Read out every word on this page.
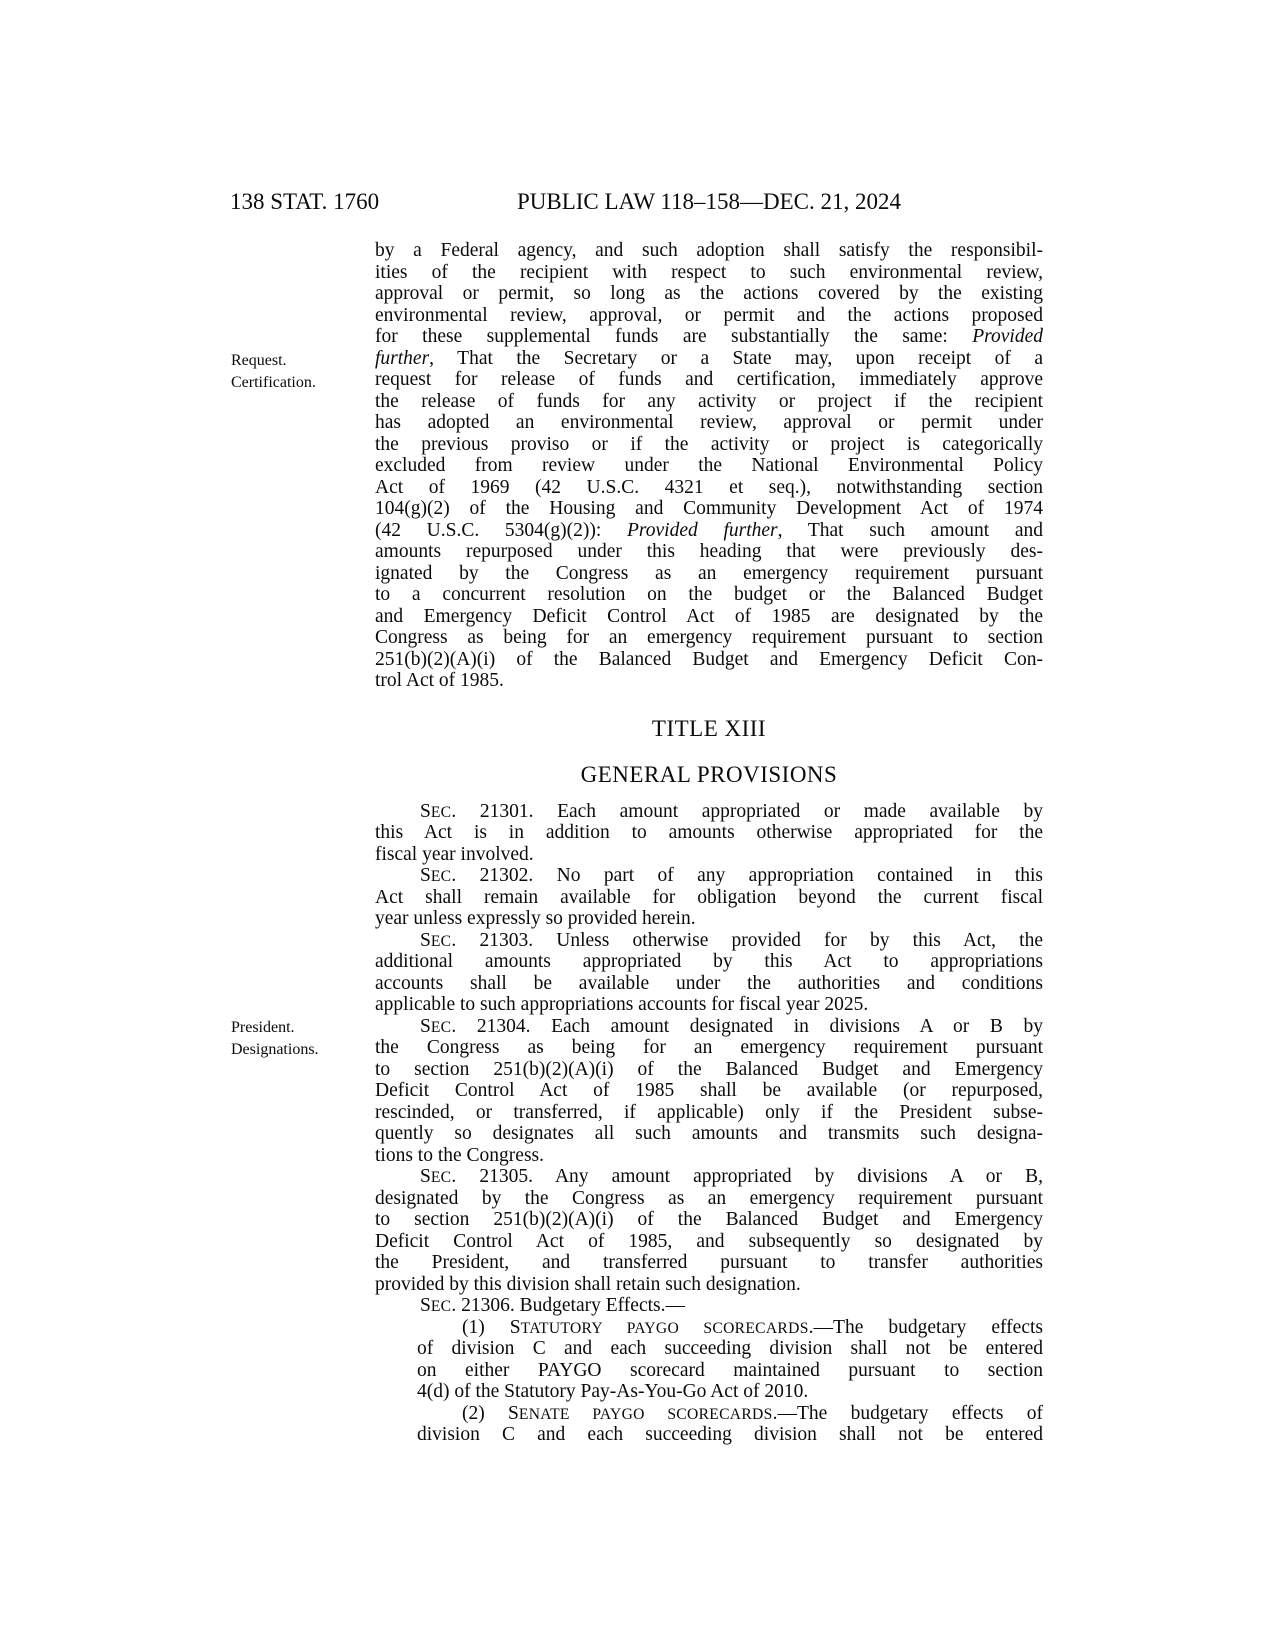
138 STAT. 1760	PUBLIC LAW 118–158—DEC. 21, 2024
Request.
Certification.
President.
Designations.
by a Federal agency, and such adoption shall satisfy the responsibil-
ities of the recipient with respect to such environmental review,
approval or permit, so long as the actions covered by the existing
environmental review, approval, or permit and the actions proposed
for these supplemental funds are substantially the same: Provided
further, That the Secretary or a State may, upon receipt of a
request for release of funds and certification, immediately approve
the release of funds for any activity or project if the recipient
has adopted an environmental review, approval or permit under
the previous proviso or if the activity or project is categorically
excluded from review under the National Environmental Policy
Act of 1969 (42 U.S.C. 4321 et seq.), notwithstanding section
104(g)(2) of the Housing and Community Development Act of 1974
(42 U.S.C. 5304(g)(2)): Provided further, That such amount and
amounts repurposed under this heading that were previously des-
ignated by the Congress as an emergency requirement pursuant
to a concurrent resolution on the budget or the Balanced Budget
and Emergency Deficit Control Act of 1985 are designated by the
Congress as being for an emergency requirement pursuant to section
251(b)(2)(A)(i) of the Balanced Budget and Emergency Deficit Con-
trol Act of 1985.
TITLE XIII
GENERAL PROVISIONS
SEC. 21301. Each amount appropriated or made available by
this Act is in addition to amounts otherwise appropriated for the
fiscal year involved.
SEC. 21302. No part of any appropriation contained in this
Act shall remain available for obligation beyond the current fiscal
year unless expressly so provided herein.
SEC. 21303. Unless otherwise provided for by this Act, the
additional amounts appropriated by this Act to appropriations
accounts shall be available under the authorities and conditions
applicable to such appropriations accounts for fiscal year 2025.
SEC. 21304. Each amount designated in divisions A or B by
the Congress as being for an emergency requirement pursuant
to section 251(b)(2)(A)(i) of the Balanced Budget and Emergency
Deficit Control Act of 1985 shall be available (or repurposed,
rescinded, or transferred, if applicable) only if the President subse-
quently so designates all such amounts and transmits such designa-
tions to the Congress.
SEC. 21305. Any amount appropriated by divisions A or B,
designated by the Congress as an emergency requirement pursuant
to section 251(b)(2)(A)(i) of the Balanced Budget and Emergency
Deficit Control Act of 1985, and subsequently so designated by
the President, and transferred pursuant to transfer authorities
provided by this division shall retain such designation.
SEC. 21306. Budgetary Effects.—
(1) STATUTORY PAYGO SCORECARDS.—The budgetary effects
of division C and each succeeding division shall not be entered
on either PAYGO scorecard maintained pursuant to section
4(d) of the Statutory Pay-As-You-Go Act of 2010.
(2) SENATE PAYGO SCORECARDS.—The budgetary effects of
division C and each succeeding division shall not be entered
